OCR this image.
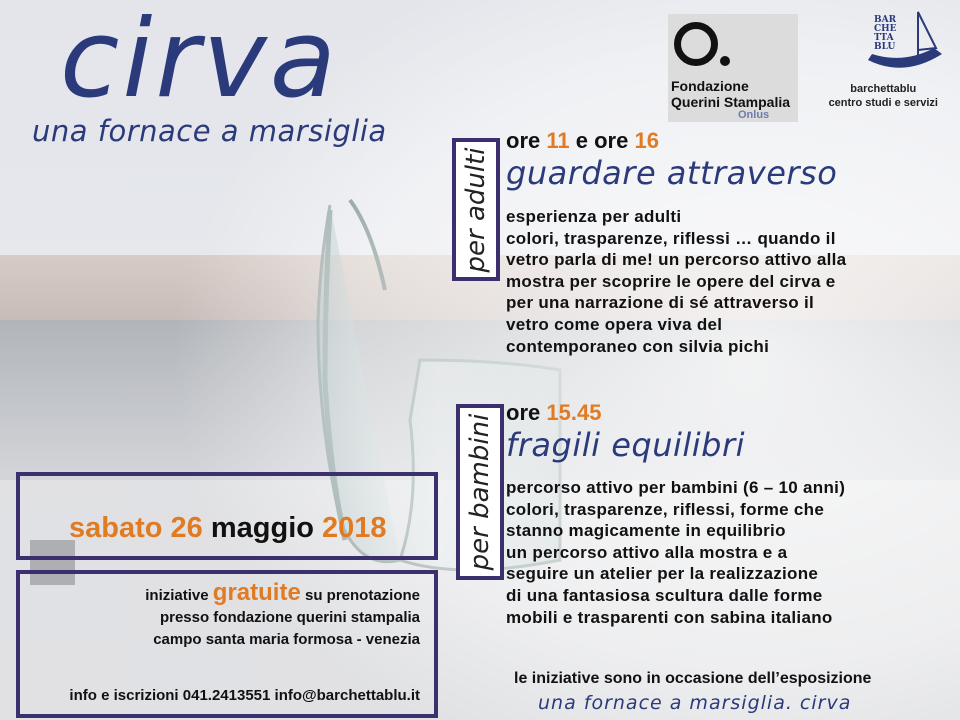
cirva
una fornace a marsiglia
Fondazione
Querini Stampalia
Onlus
BAR
CHE
TTA
BLU
barchettablu
centro studi e servizi
per adulti
per bambini
ore 11 e ore 16
guardare attraverso
esperienza per adulti
colori, trasparenze, riflessi … quando il
vetro parla di me! un percorso attivo alla
mostra per scoprire le opere del cirva e
per una narrazione di sé attraverso il
vetro come opera viva del
contemporaneo con silvia pichi
ore 15.45
fragili equilibri
percorso attivo per bambini (6 – 10 anni)
colori, trasparenze, riflessi, forme che
stanno magicamente in equilibrio
un percorso attivo alla mostra e a
seguire un atelier per la realizzazione
di una fantasiosa scultura dalle forme
mobili e trasparenti con sabina italiano
sabato 26 maggio 2018
iniziative gratuite su prenotazione
presso fondazione querini stampalia
campo santa maria formosa - venezia
info e iscrizioni 041.2413551 info@barchettablu.it
le iniziative sono in occasione dell’esposizione
una fornace a marsiglia. cirva
